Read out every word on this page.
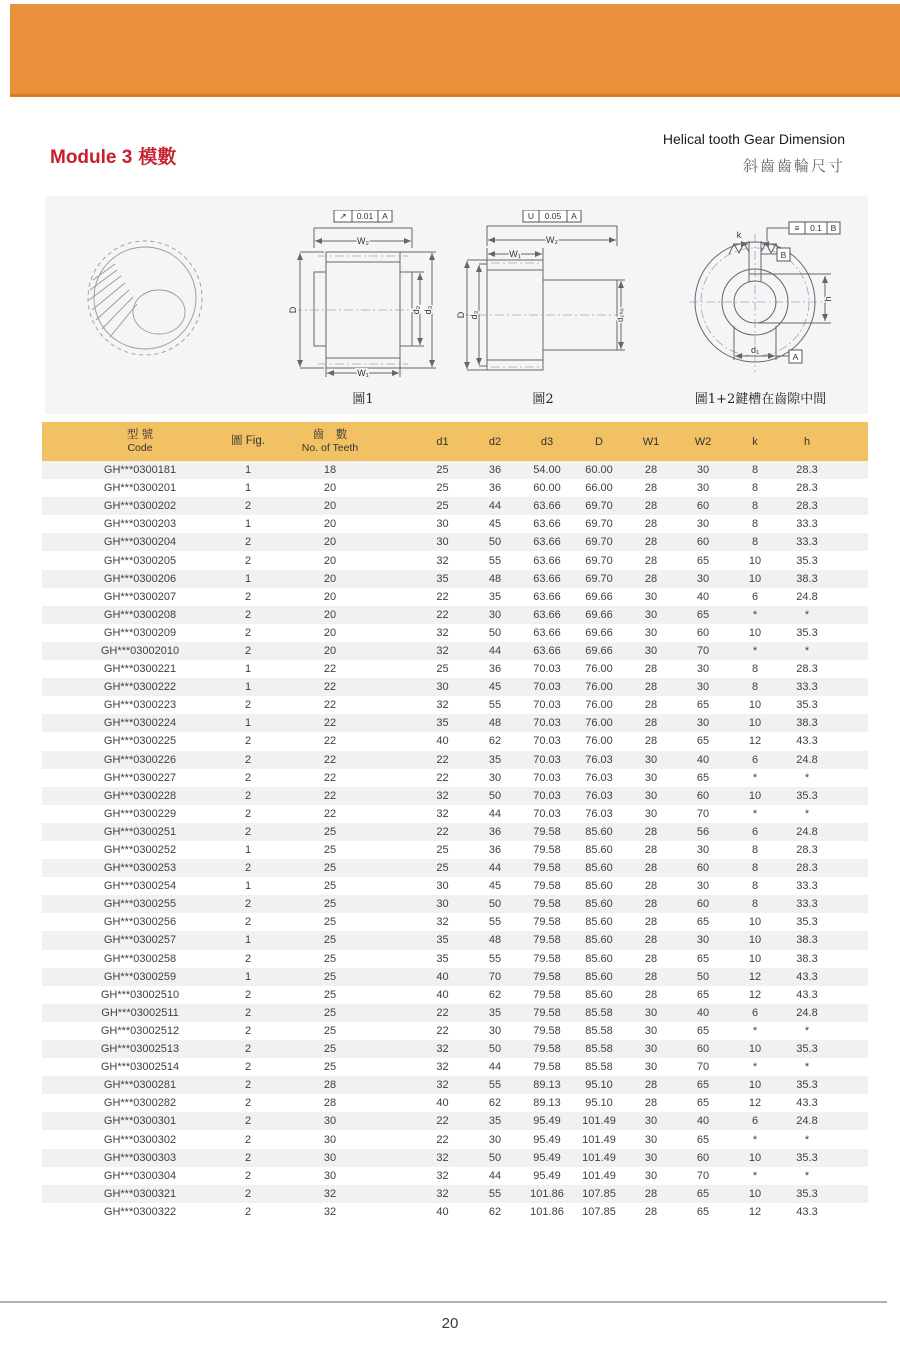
Module 3 模數
Helical tooth Gear Dimension
斜齒齒輪尺寸
↗ 0.01 A
W₂
D	d₂ d₃
W₁
圖1
U 0.05 A
W₂
W₁
D d₃	d₂ₕ₆
圖2
k
≡ 0.1 B
B
h
d₁
A
圖1+2鍵槽在齒隙中間
型 號
Code
	圖 Fig.	齒　數
No. of Teeth
	d1	d2	d3	D	W1	W2	k	h	
GH***0300181	1	18	25	36	54.00	60.00	28	30	8	28.3	
GH***0300201	1	20	25	36	60.00	66.00	28	30	8	28.3	
GH***0300202	2	20	25	44	63.66	69.70	28	60	8	28.3	
GH***0300203	1	20	30	45	63.66	69.70	28	30	8	33.3	
GH***0300204	2	20	30	50	63.66	69.70	28	60	8	33.3	
GH***0300205	2	20	32	55	63.66	69.70	28	65	10	35.3	
GH***0300206	1	20	35	48	63.66	69.70	28	30	10	38.3	
GH***0300207	2	20	22	35	63.66	69.66	30	40	6	24.8	
GH***0300208	2	20	22	30	63.66	69.66	30	65	*	*	
GH***0300209	2	20	32	50	63.66	69.66	30	60	10	35.3	
GH***03002010	2	20	32	44	63.66	69.66	30	70	*	*	
GH***0300221	1	22	25	36	70.03	76.00	28	30	8	28.3	
GH***0300222	1	22	30	45	70.03	76.00	28	30	8	33.3	
GH***0300223	2	22	32	55	70.03	76.00	28	65	10	35.3	
GH***0300224	1	22	35	48	70.03	76.00	28	30	10	38.3	
GH***0300225	2	22	40	62	70.03	76.00	28	65	12	43.3	
GH***0300226	2	22	22	35	70.03	76.03	30	40	6	24.8	
GH***0300227	2	22	22	30	70.03	76.03	30	65	*	*	
GH***0300228	2	22	32	50	70.03	76.03	30	60	10	35.3	
GH***0300229	2	22	32	44	70.03	76.03	30	70	*	*	
GH***0300251	2	25	22	36	79.58	85.60	28	56	6	24.8	
GH***0300252	1	25	25	36	79.58	85.60	28	30	8	28.3	
GH***0300253	2	25	25	44	79.58	85.60	28	60	8	28.3	
GH***0300254	1	25	30	45	79.58	85.60	28	30	8	33.3	
GH***0300255	2	25	30	50	79.58	85.60	28	60	8	33.3	
GH***0300256	2	25	32	55	79.58	85.60	28	65	10	35.3	
GH***0300257	1	25	35	48	79.58	85.60	28	30	10	38.3	
GH***0300258	2	25	35	55	79.58	85.60	28	65	10	38.3	
GH***0300259	1	25	40	70	79.58	85.60	28	50	12	43.3	
GH***03002510	2	25	40	62	79.58	85.60	28	65	12	43.3	
GH***03002511	2	25	22	35	79.58	85.58	30	40	6	24.8	
GH***03002512	2	25	22	30	79.58	85.58	30	65	*	*	
GH***03002513	2	25	32	50	79.58	85.58	30	60	10	35.3	
GH***03002514	2	25	32	44	79.58	85.58	30	70	*	*	
GH***0300281	2	28	32	55	89.13	95.10	28	65	10	35.3	
GH***0300282	2	28	40	62	89.13	95.10	28	65	12	43.3	
GH***0300301	2	30	22	35	95.49	101.49	30	40	6	24.8	
GH***0300302	2	30	22	30	95.49	101.49	30	65	*	*	
GH***0300303	2	30	32	50	95.49	101.49	30	60	10	35.3	
GH***0300304	2	30	32	44	95.49	101.49	30	70	*	*	
GH***0300321	2	32	32	55	101.86	107.85	28	65	10	35.3	
GH***0300322	2	32	40	62	101.86	107.85	28	65	12	43.3	
20
